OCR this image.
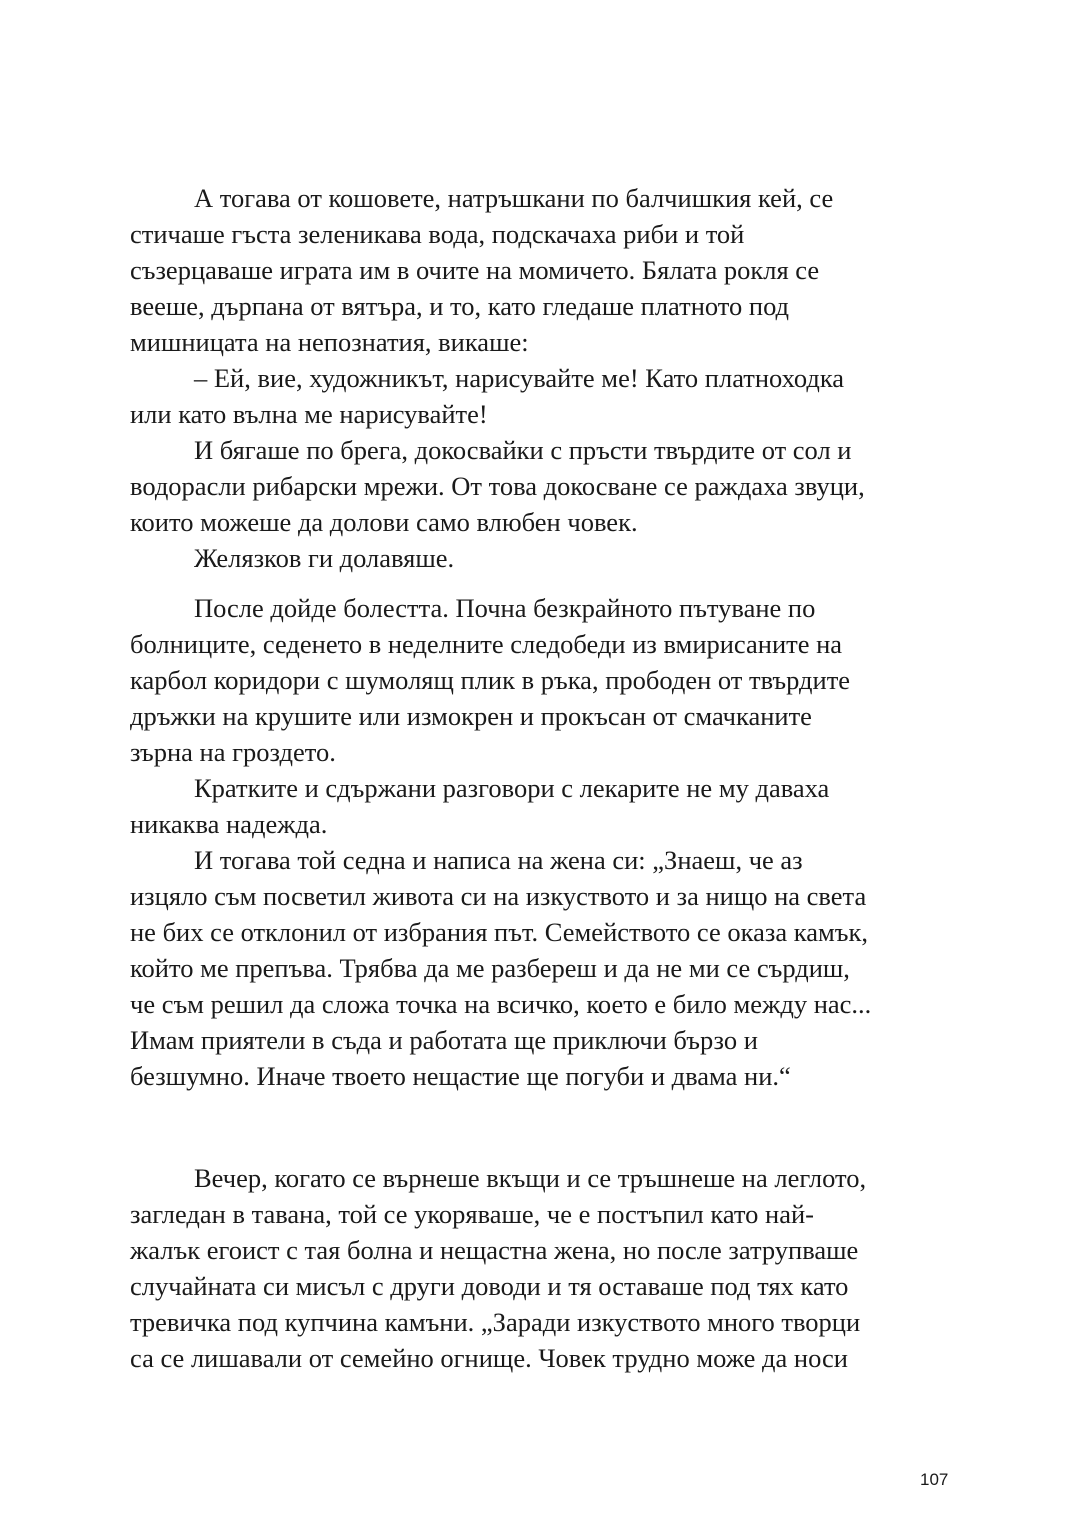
А тогава от кошовете, натръшкани по балчишкия кей, се
стичаше гъста зеленикава вода, подскачаха риби и той
съзерцаваше играта им в очите на момичето. Бялата рокля се
вееше, дърпана от вятъра, и то, като гледаше платното под
мишницата на непознатия, викаше:
– Ей, вие, художникът, нарисувайте ме! Като платноходка
или като вълна ме нарисувайте!
И бягаше по брега, докосвайки с пръсти твърдите от сол и
водорасли рибарски мрежи. От това докосване се раждаха звуци,
които можеше да долови само влюбен човек.
Желязков ги долавяше.
После дойде болестта. Почна безкрайното пътуване по
болниците, седенето в неделните следобеди из вмирисаните на
карбол коридори с шумолящ плик в ръка, прободен от твърдите
дръжки на крушите или измокрен и прокъсан от смачканите
зърна на гроздето.
Кратките и сдържани разговори с лекарите не му даваха
никаква надежда.
И тогава той седна и написа на жена си: „Знаеш, че аз
изцяло съм посветил живота си на изкуството и за нищо на света
не бих се отклонил от избрания път. Семейството се оказа камък,
който ме препъва. Трябва да ме разбереш и да не ми се сърдиш,
че съм решил да сложа точка на всичко, което е било между нас...
Имам приятели в съда и работата ще приключи бързо и
безшумно. Иначе твоето нещастие ще погуби и двама ни.“
Вечер, когато се върнеше вкъщи и се тръшнеше на леглото,
загледан в тавана, той се укоряваше, че е постъпил като най-
жалък егоист с тая болна и нещастна жена, но после затрупваше
случайната си мисъл с други доводи и тя оставаше под тях като
тревичка под купчина камъни. „Заради изкуството много творци
са се лишавали от семейно огнище. Човек трудно може да носи
107
